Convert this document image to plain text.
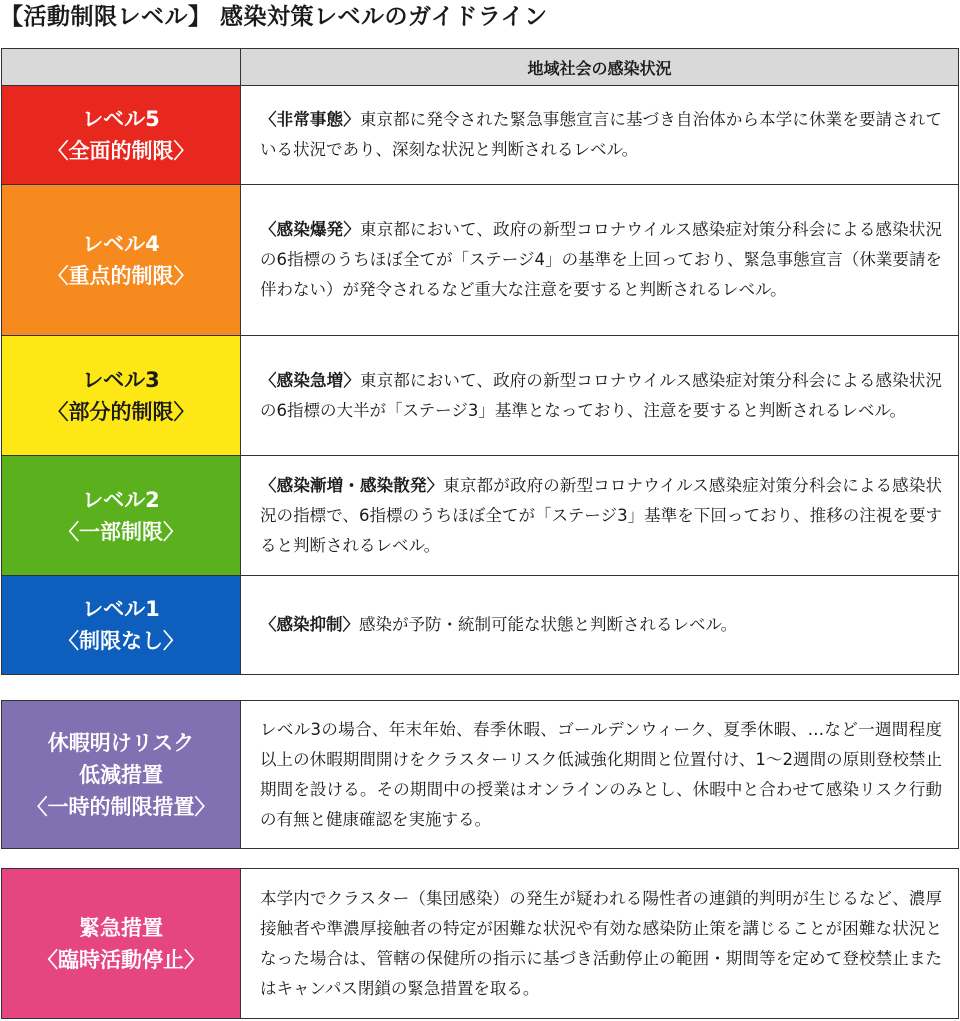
【活動制限レベル】 感染対策レベルのガイドライン
	地域社会の感染状況

レベル5
〈全面的制限〉	〈非常事態〉東京都に発令された緊急事態宣言に基づき自治体から本学に休業を要請されている状況であり、深刻な状況と判断されるレベル。

レベル4
〈重点的制限〉	〈感染爆発〉東京都において、政府の新型コロナウイルス感染症対策分科会による感染状況の6指標のうちほぼ全てが「ステージ4」の基準を上回っており、緊急事態宣言（休業要請を伴わない）が発令されるなど重大な注意を要すると判断されるレベル。

レベル3
〈部分的制限〉	〈感染急増〉東京都において、政府の新型コロナウイルス感染症対策分科会による感染状況の6指標の大半が「ステージ3」基準となっており、注意を要すると判断されるレベル。

レベル2
〈一部制限〉	〈感染漸増・感染散発〉東京都が政府の新型コロナウイルス感染症対策分科会による感染状況の指標で、6指標のうちほぼ全てが「ステージ3」基準を下回っており、推移の注視を要すると判断されるレベル。

レベル1
〈制限なし〉	〈感染抑制〉感染が予防・統制可能な状態と判断されるレベル。
休暇明けリスク
低減措置
〈一時的制限措置〉
	レベル3の場合、年末年始、春季休暇、ゴールデンウィーク、夏季休暇、…など一週間程度以上の休暇期間開けをクラスターリスク低減強化期間と位置付け、1〜2週間の原則登校禁止期間を設ける。その期間中の授業はオンラインのみとし、休暇中と合わせて感染リスク行動の有無と健康確認を実施する。
緊急措置
〈臨時活動停止〉
	本学内でクラスター（集団感染）の発生が疑われる陽性者の連鎖的判明が生じるなど、濃厚接触者や準濃厚接触者の特定が困難な状況や有効な感染防止策を講じることが困難な状況となった場合は、管轄の保健所の指示に基づき活動停止の範囲・期間等を定めて登校禁止またはキャンパス閉鎖の緊急措置を取る。
